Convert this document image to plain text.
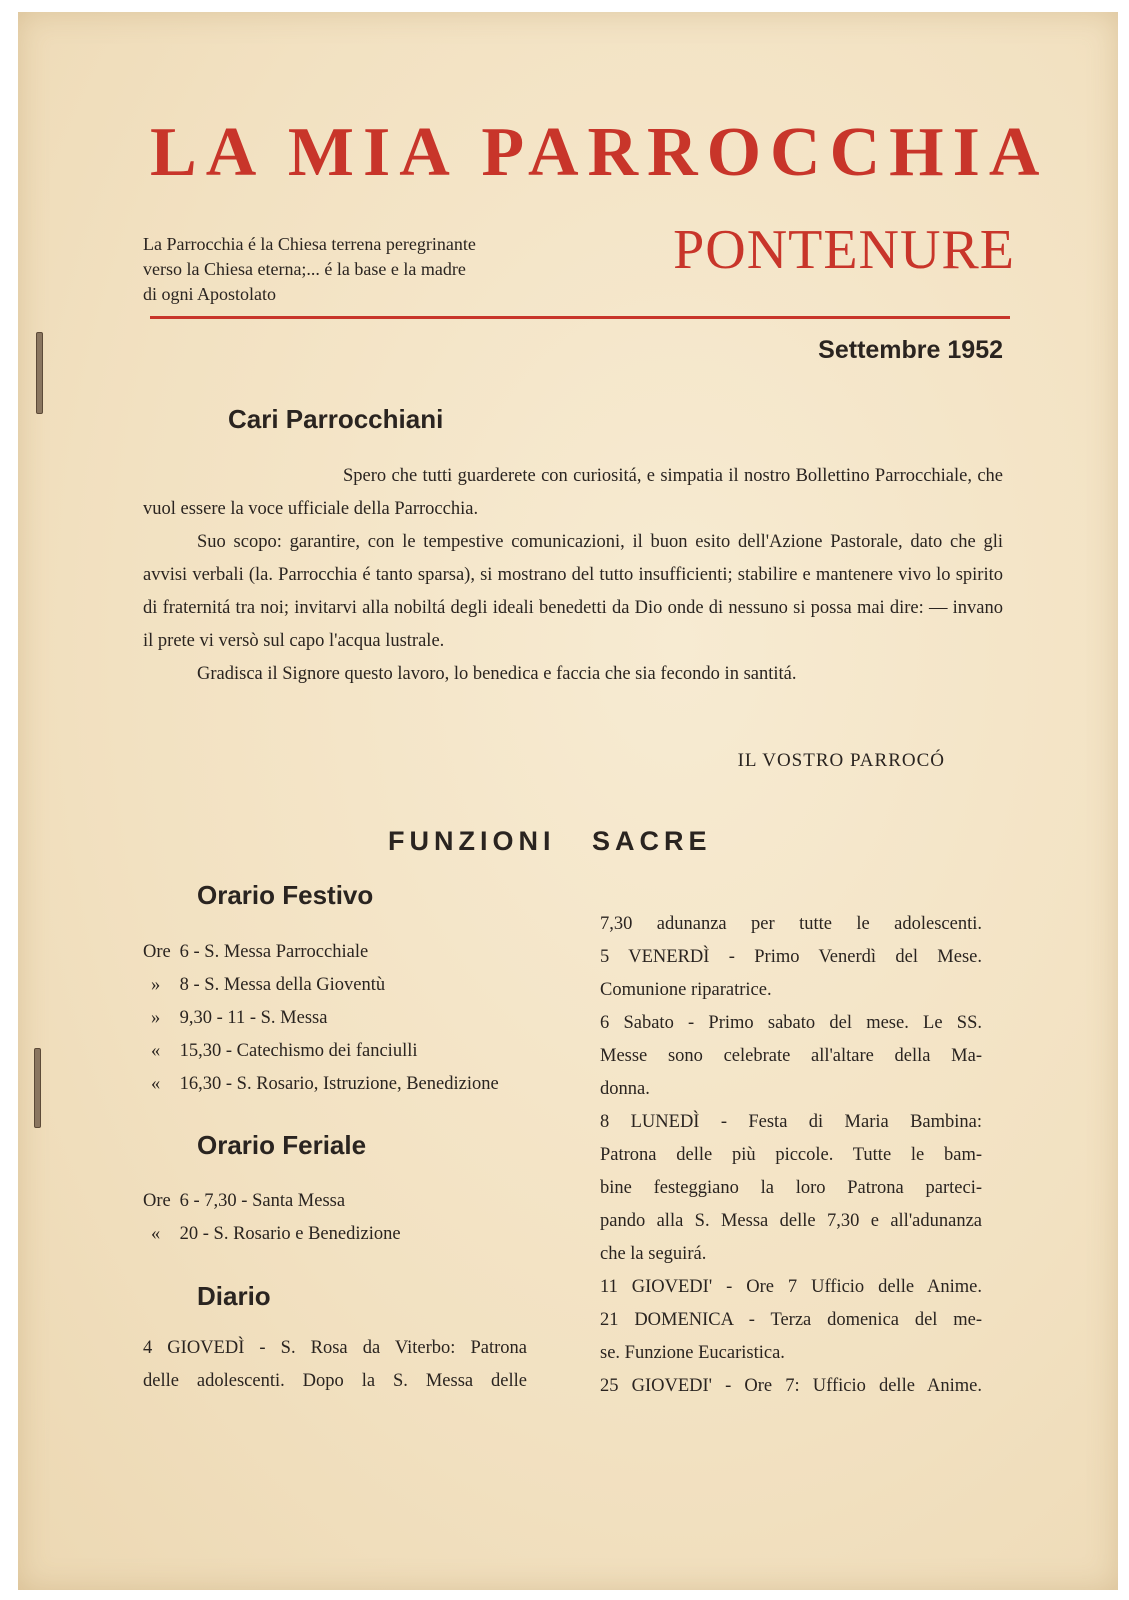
LA MIA PARROCCHIA
La Parrocchia é la Chiesa terrena peregrinante
verso la Chiesa eterna;... é la base e la madre
di ogni Apostolato
PONTENURE
Settembre 1952
Cari Parrocchiani

Spero che tutti guarderete con curiositá, e simpatia il nostro Bollettino Parrocchiale, che vuol essere la voce ufficiale della Parrocchia.

Suo scopo: garantire, con le tempestive comunicazioni, il buon esito dell'Azione Pastorale, dato che gli avvisi verbali (la. Parrocchia é tanto sparsa), si mostrano del tutto insufficienti; stabilire e mantenere vivo lo spirito di fraternitá tra noi; invitarvi alla nobiltá degli ideali benedetti da Dio onde di nessuno si possa mai dire: — invano il prete vi versò sul capo l'acqua lustrale.

Gradisca il Signore questo lavoro, lo benedica e faccia che sia fecondo in santitá.

IL VOSTRO PARROCÓ
FUNZIONI SACRE
Orario Festivo
Ore 6 - S. Messa Parrocchiale
» 8 - S. Messa della Gioventù
» 9,30 - 11 - S. Messa
« 15,30 - Catechismo dei fanciulli
« 16,30 - S. Rosario, Istruzione, Benedizione
Orario Feriale
Ore 6 - 7,30 - Santa Messa
« 20 - S. Rosario e Benedizione
Diario
4 GIOVEDÌ - S. Rosa da Viterbo: Patrona
delle adolescenti. Dopo la S. Messa delle
7,30 adunanza per tutte le adolescenti.
5 VENERDÌ - Primo Venerdì del Mese.
Comunione riparatrice.
6 Sabato - Primo sabato del mese. Le SS.
Messe sono celebrate all'altare della Ma-
donna.
8 LUNEDÌ - Festa di Maria Bambina:
Patrona delle più piccole. Tutte le bam-
bine festeggiano la loro Patrona parteci-
pando alla S. Messa delle 7,30 e all'adunanza
che la seguirá.
11 GIOVEDI' - Ore 7 Ufficio delle Anime.
21 DOMENICA - Terza domenica del me-
se. Funzione Eucaristica.
25 GIOVEDI' - Ore 7: Ufficio delle Anime.
